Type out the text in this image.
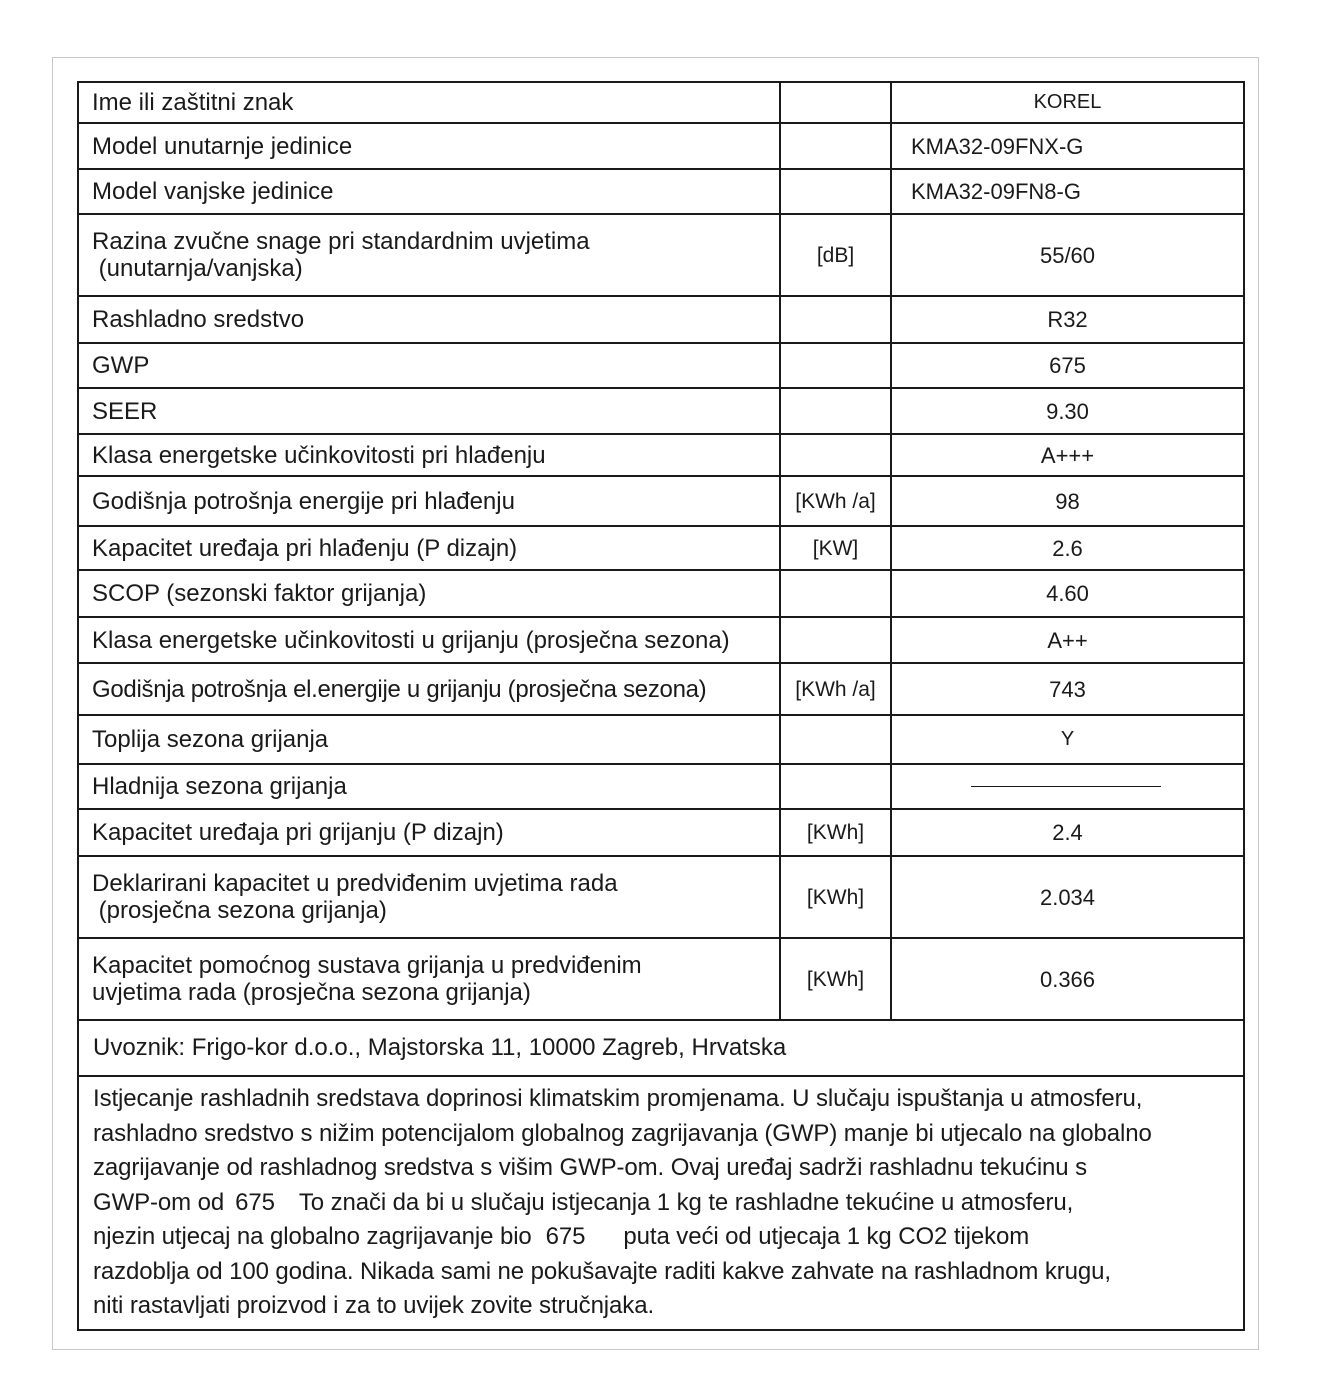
Ime ili zaštitni znak	KOREL
Model unutarnje jedinice	KMA32-09FNX-G
Model vanjske jedinice	KMA32-09FN8-G
Razina zvučne snage pri standardnim uvjetima
(unutarnja/vanjska)	[dB]	55/60
Rashladno sredstvo	R32
GWP	675
SEER	9.30
Klasa energetske učinkovitosti pri hlađenju	A+++
Godišnja potrošnja energije pri hlađenju	[KWh /a]	98
Kapacitet uređaja pri hlađenju (P dizajn)	[KW]	2.6
SCOP (sezonski faktor grijanja)	4.60
Klasa energetske učinkovitosti u grijanju (prosječna sezona)	A++
Godišnja potrošnja el.energije u grijanju (prosječna sezona)	[KWh /a]	743
Toplija sezona grijanja	Y
Hladnija sezona grijanja
Kapacitet uređaja pri grijanju (P dizajn)	[KWh]	2.4
Deklarirani kapacitet u predviđenim uvjetima rada
(prosječna sezona grijanja)	[KWh]	2.034
Kapacitet pomoćnog sustava grijanja u predviđenim
uvjetima rada (prosječna sezona grijanja)	[KWh]	0.366
Uvoznik: Frigo-kor d.o.o., Majstorska 11, 10000 Zagreb, Hrvatska
Istjecanje rashladnih sredstava doprinosi klimatskim promjenama. U slučaju ispuštanja u atmosferu,
rashladno sredstvo s nižim potencijalom globalnog zagrijavanja (GWP) manje bi utjecalo na globalno
zagrijavanje od rashladnog sredstva s višim GWP-om. Ovaj uređaj sadrži rashladnu tekućinu s
GWP-om od 675 To znači da bi u slučaju istjecanja 1 kg te rashladne tekućine u atmosferu,
njezin utjecaj na globalno zagrijavanje bio 675 puta veći od utjecaja 1 kg CO2 tijekom
razdoblja od 100 godina. Nikada sami ne pokušavajte raditi kakve zahvate na rashladnom krugu,
niti rastavljati proizvod i za to uvijek zovite stručnjaka.
